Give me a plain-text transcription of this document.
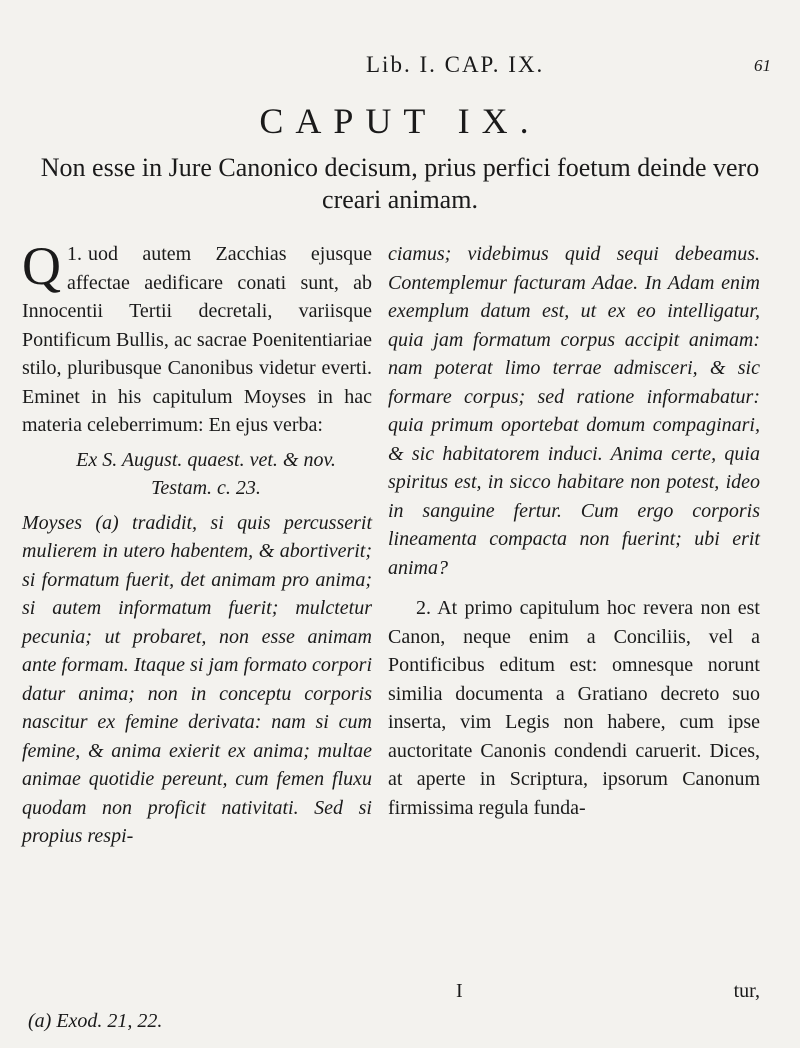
Lib. I. CAP. IX.	61
CAPUT IX.
Non esse in Jure Canonico decisum, prius perfici foetum deinde vero creari animam.

1.
Q uod autem Zacchias ejusque affectae aedificare conati sunt, ab Innocentii Tertii decretali, variisque Pontificum Bullis, ac sacrae Poenitentiariae stilo, pluribusque Canonibus videtur everti. Eminet in his capitulum Moyses in hac materia celeberrimum: En ejus verba:

Ex S. August. quaest. vet. & nov. Testam. c. 23.

Moyses (a) tradidit, si quis percusserit mulierem in utero habentem, & abortiverit; si formatum fuerit, det animam pro anima; si autem informatum fuerit; mulctetur pecunia; ut probaret, non esse animam ante formam. Itaque si jam formato corpori datur anima; non in conceptu corporis nascitur ex femine derivata: nam si cum femine, & anima exierit ex anima; multae animae quotidie pereunt, cum femen fluxu quodam non proficit nativitati. Sed si propius respi-

ciamus; videbimus quid sequi debeamus. Contemplemur facturam Adae. In Adam enim exemplum datum est, ut ex eo intelligatur, quia jam formatum corpus accipit animam: nam poterat limo terrae admisceri, & sic formare corpus; sed ratione informabatur: quia primum oportebat domum compaginari, & sic habitatorem induci. Anima certe, quia spiritus est, in sicco habitare non potest, ideo in sanguine fertur. Cum ergo corporis lineamenta compacta non fuerint; ubi erit anima?

2. At primo capitulum hoc revera non est Canon, neque enim a Conciliis, vel a Pontificibus editum est: omnesque norunt similia documenta a Gratiano decreto suo inserta, vim Legis non habere, cum ipse auctoritate Canonis condendi caruerit. Dices, at aperte in Scriptura, ipsorum Canonum firmissima regula funda-

I	tur,
(a) Exod. 21, 22.
